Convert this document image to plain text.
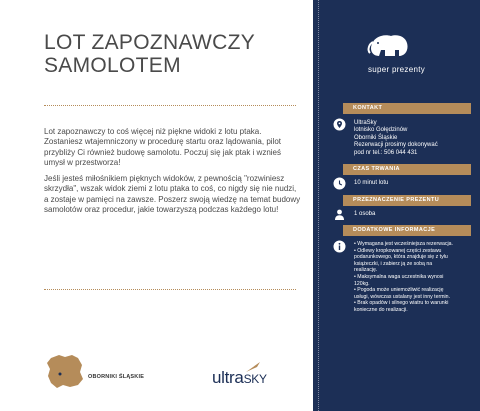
LOT ZAPOZNAWCZY SAMOLOTEM

Lot zapoznawczy to coś więcej niż piękne widoki z lotu ptaka. Zostaniesz wtajemniczony w procedurę startu oraz lądowania, pilot przybliży Ci również budowę samolotu. Poczuj się jak ptak i wznieś umysł w przestworza!

Jeśli jesteś miłośnikiem pięknych widoków, z pewnością "rozwiniesz skrzydła", wszak widok ziemi z lotu ptaka to coś, co nigdy się nie nudzi, a zostaje w pamięci na zawsze. Poszerz swoją wiedzę na temat budowy samolotów oraz procedur, jakie towarzyszą podczas każdego lotu!

OBORNIKI ŚLĄSKIE	ultraSKY
super prezenty
KONTAKT
UltraSky
lotnisko Gołędzinów
Oborniki Śląskie
Rezerwacji prosimy dokonywać
pod nr tel.: 506 044 431
CZAS TRWANIA
10 minut lotu
PRZEZNACZENIE PREZENTU
1 osoba
DODATKOWE INFORMACJE
• Wymagana jest wcześniejsza rezerwacja.
• Odlewy kropkowanej części zestawu podarunkowego, która znajduje się z tyłu książeczki, i zabierz ją ze sobą na realizację.
• Maksymalna waga uczestnika wynosi 120kg.
• Pogoda może uniemożliwić realizację usługi, wówczas ustalany jest inny termin.
• Brak opadów i silnego wiatru to warunki konieczne do realizacji.
